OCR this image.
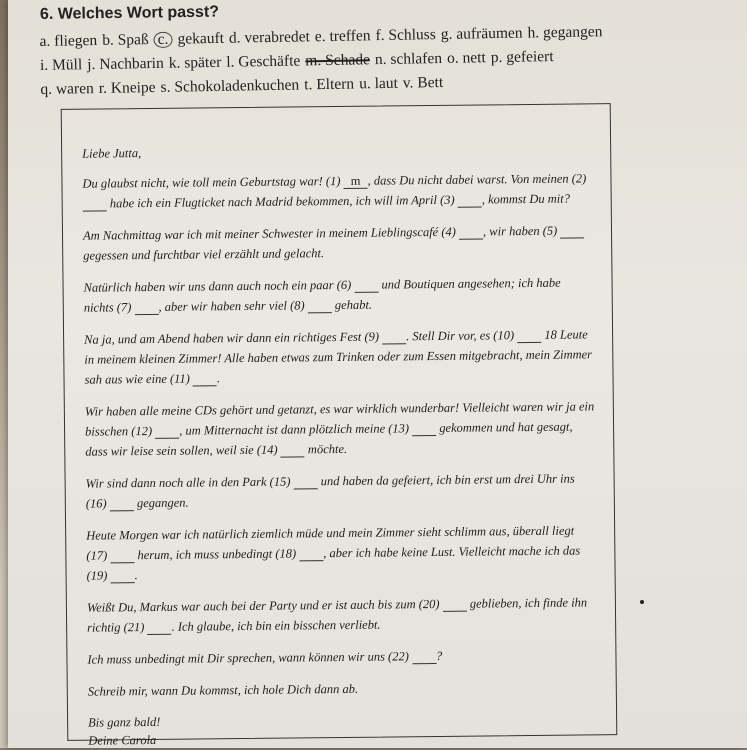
6. Welches Wort passt?
a. fliegen b. Spaß c. gekauft d. verabredet e. treffen f. Schluss g. aufräumen h. gegangen
i. Müll j. Nachbarin k. später l. Geschäfte m. Schade n. schlafen o. nett p. gefeiert
q. waren r. Kneipe s. Schokoladenkuchen t. Eltern u. laut v. Bett

Liebe Jutta,

Du glaubst nicht, wie toll mein Geburtstag war! (1) m , dass Du nicht dabei warst. Von meinen (2)   habe ich ein Flugticket nach Madrid bekommen, ich will im April (3)  , kommst Du mit?

Am Nachmittag war ich mit meiner Schwester in meinem Lieblingscafé (4)  , wir haben (5)   gegessen und furchtbar viel erzählt und gelacht.

Natürlich haben wir uns dann auch noch ein paar (6)   und Boutiquen angesehen; ich habe nichts (7)  , aber wir haben sehr viel (8)   gehabt.

Na ja, und am Abend haben wir dann ein richtiges Fest (9)  . Stell Dir vor, es (10)   18 Leute in meinem kleinen Zimmer! Alle haben etwas zum Trinken oder zum Essen mitgebracht, mein Zimmer sah aus wie eine (11)  .

Wir haben alle meine CDs gehört und getanzt, es war wirklich wunderbar! Vielleicht waren wir ja ein bisschen (12)  , um Mitternacht ist dann plötzlich meine (13)   gekommen und hat gesagt, dass wir leise sein sollen, weil sie (14)   möchte.

Wir sind dann noch alle in den Park (15)   und haben da gefeiert, ich bin erst um drei Uhr ins (16)   gegangen.

Heute Morgen war ich natürlich ziemlich müde und mein Zimmer sieht schlimm aus, überall liegt (17)   herum, ich muss unbedingt (18)  , aber ich habe keine Lust. Vielleicht mache ich das (19)  .

Weißt Du, Markus war auch bei der Party und er ist auch bis zum (20)   geblieben, ich finde ihn richtig (21)  . Ich glaube, ich bin ein bisschen verliebt.

Ich muss unbedingt mit Dir sprechen, wann können wir uns (22)  ?

Schreib mir, wann Du kommst, ich hole Dich dann ab.

Bis ganz bald!
Deine Carola
